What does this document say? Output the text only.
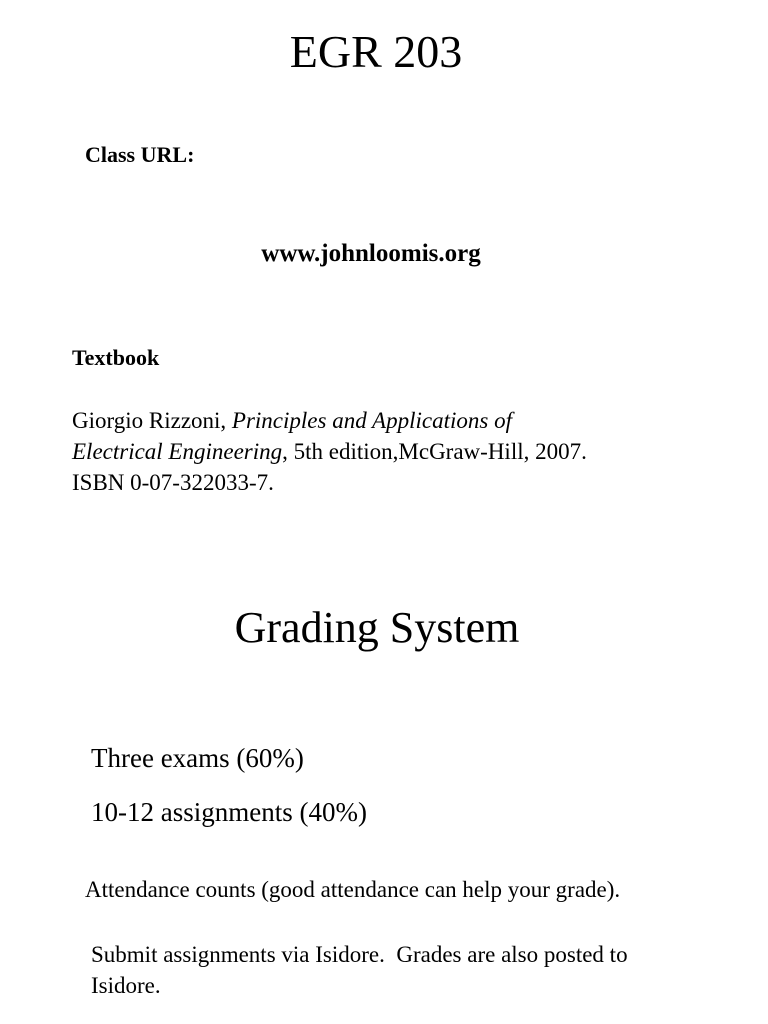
EGR 203
Class URL:
www.johnloomis.org
Textbook
Giorgio Rizzoni, Principles and Applications of
Electrical Engineering, 5th edition,McGraw-Hill, 2007.
ISBN 0-07-322033-7.
Grading System
Three exams (60%)
10-12 assignments (40%)
Attendance counts (good attendance can help your grade).
Submit assignments via Isidore.  Grades are also posted to
Isidore.
